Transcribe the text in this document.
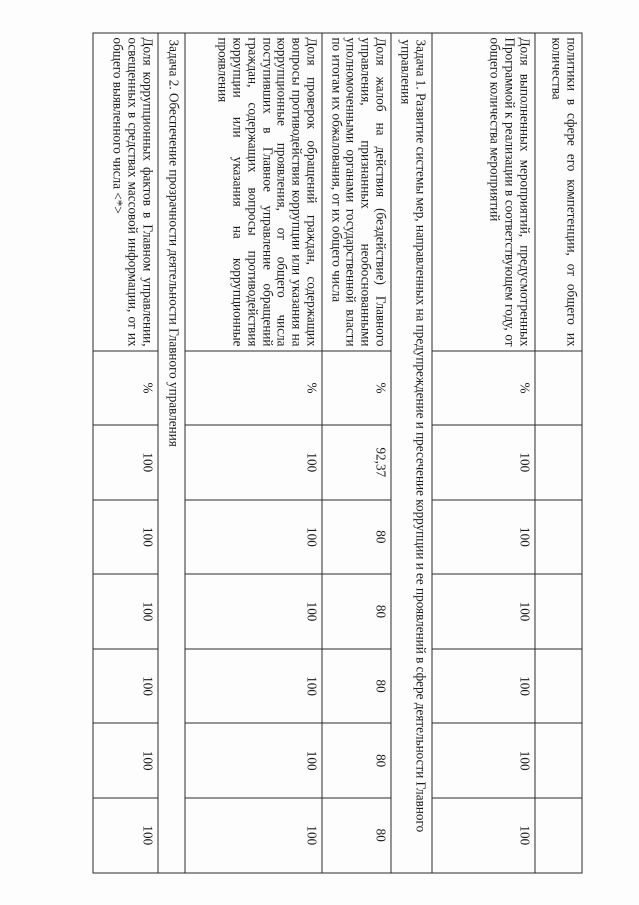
политики в сфере его компетенции, от общего их количества							
Доля выполненных мероприятий, предусмотренных Программой к реализации в соответствующем году, от общего количества мероприятий	%	100	100	100	100	100	100
Задача 1. Развитие системы мер, направленных на предупреждение и пресечение коррупции и ее проявлений в сфере деятельности Главного управления							
Доля жалоб на действия (бездействие) Главного управления, признанных необоснованными уполномоченными органами государственной власти по итогам их обжалования, от их общего числа	%	92,37	80	80	80	80	80
Доля проверок обращений граждан, содержащих вопросы противодействия коррупции или указания на коррупционные проявления, от общего числа поступивших в Главное управление обращений граждан, содержащих вопросы противодействия коррупции или указания на коррупционные проявления	%	100	100	100	100	100	100
Задача 2. Обеспечение прозрачности деятельности Главного управления							
Доля коррупционных фактов в Главном управлении, освещенных в средствах массовой информации, от их общего выявленного числа <*>	%	100	100	100	100	100	100
